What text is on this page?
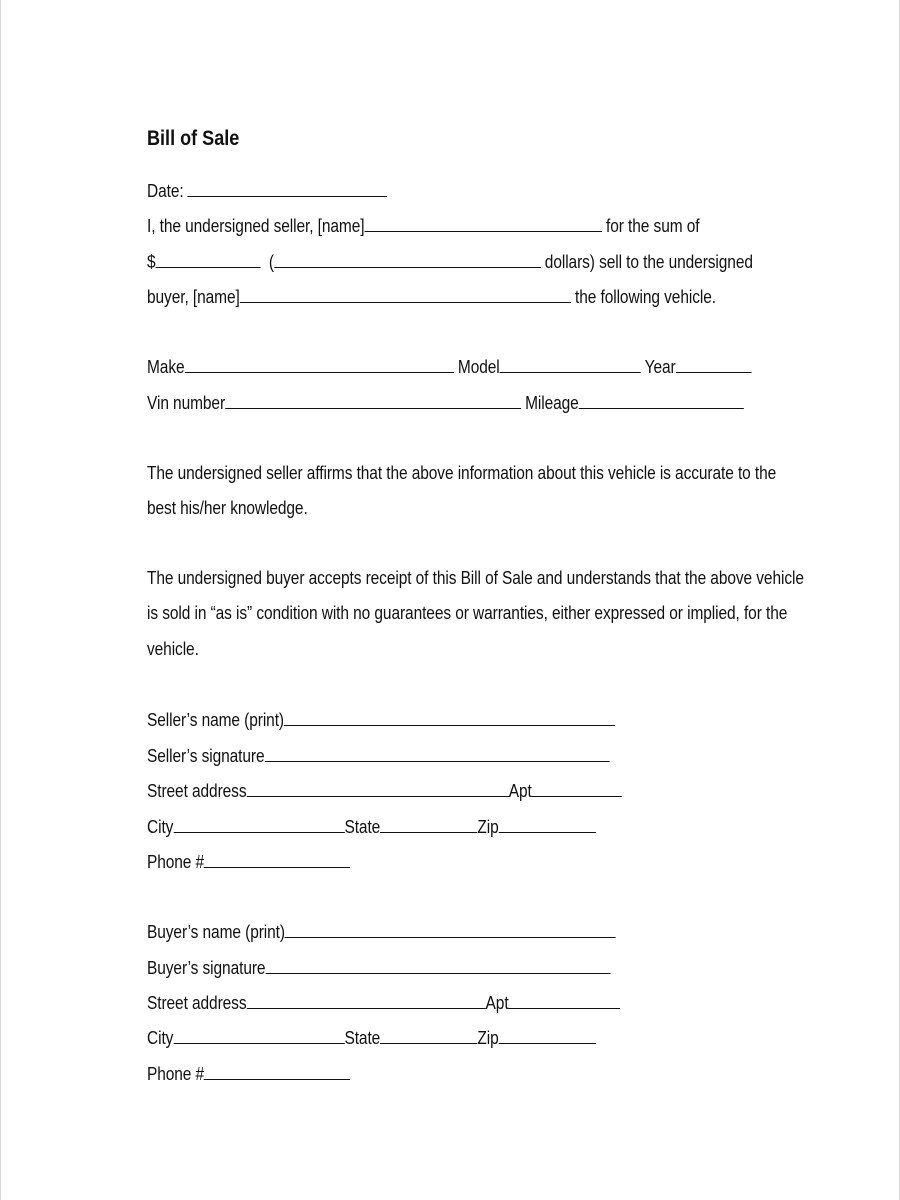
Bill of Sale
Date:
I, the undersigned seller, [name]	for the sum of
$	(	dollars) sell to the undersigned
buyer, [name]	the following vehicle.
Make	Model	Year
Vin number	Mileage
The undersigned seller affirms that the above information about this vehicle is accurate to the
best his/her knowledge.
The undersigned buyer accepts receipt of this Bill of Sale and understands that the above vehicle
is sold in “as is” condition with no guarantees or warranties, either expressed or implied, for the
vehicle.
Seller’s name (print)
Seller’s signature
Street address	Apt
City	State	Zip
Phone #
Buyer’s name (print)
Buyer’s signature
Street address	Apt
City	State	Zip
Phone #
